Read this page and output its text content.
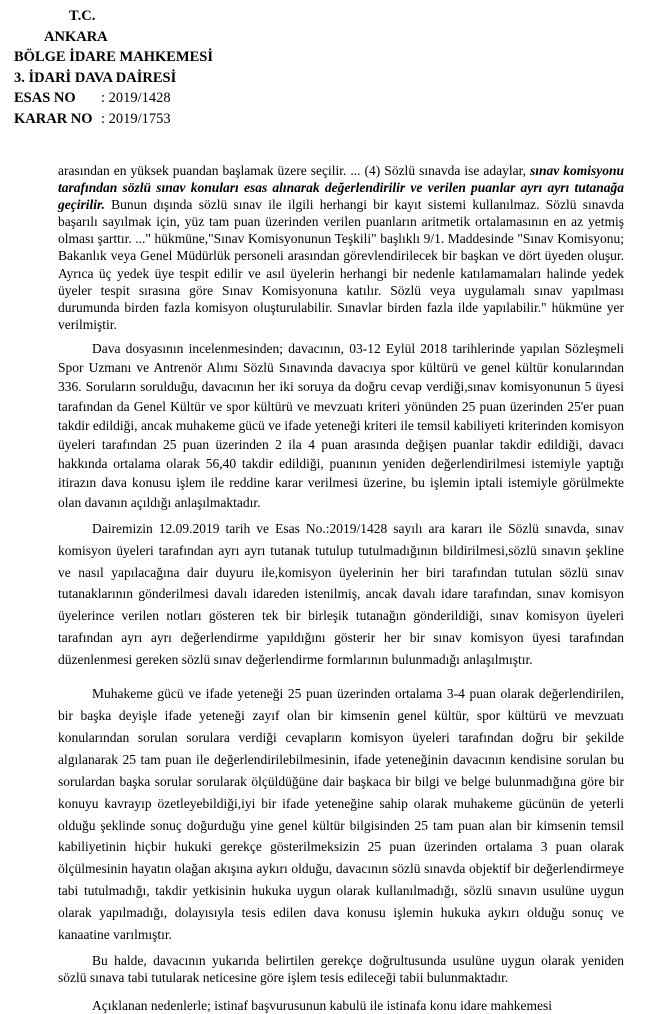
T.C.
ANKARA
BÖLGE İDARE MAHKEMESİ
3. İDARİ DAVA DAİRESİ
ESAS NO : 2019/1428
KARAR NO : 2019/1753

arasından en yüksek puandan başlamak üzere seçilir. ... (4) Sözlü sınavda ise adaylar, sınav komisyonu tarafından sözlü sınav konuları esas alınarak değerlendirilir ve verilen puanlar ayrı ayrı tutanağa geçirilir. Bunun dışında sözlü sınav ile ilgili herhangi bir kayıt sistemi kullanılmaz. Sözlü sınavda başarılı sayılmak için, yüz tam puan üzerinden verilen puanların aritmetik ortalamasının en az yetmiş olması şarttır. ..." hükmüne,"Sınav Komisyonunun Teşkili" başlıklı 9/1. Maddesinde "Sınav Komisyonu; Bakanlık veya Genel Müdürlük personeli arasından görevlendirilecek bir başkan ve dört üyeden oluşur. Ayrıca üç yedek üye tespit edilir ve asıl üyelerin herhangi bir nedenle katılamamaları halinde yedek üyeler tespit sırasına göre Sınav Komisyonuna katılır. Sözlü veya uygulamalı sınav yapılması durumunda birden fazla komisyon oluşturulabilir. Sınavlar birden fazla ilde yapılabilir." hükmüne yer verilmiştir.

Dava dosyasının incelenmesinden; davacının, 03-12 Eylül 2018 tarihlerinde yapılan Sözleşmeli Spor Uzmanı ve Antrenör Alımı Sözlü Sınavında davacıya spor kültürü ve genel kültür konularından 336. Soruların sorulduğu, davacının her iki soruya da doğru cevap verdiği,sınav komisyonunun 5 üyesi tarafından da Genel Kültür ve spor kültürü ve mevzuatı kriteri yönünden 25 puan üzerinden 25'er puan takdir edildiği, ancak muhakeme gücü ve ifade yeteneği kriteri ile temsil kabiliyeti kriterinden komisyon üyeleri tarafından 25 puan üzerinden 2 ila 4 puan arasında değişen puanlar takdir edildiği, davacı hakkında ortalama olarak 56,40 takdir edildiği, puanının yeniden değerlendirilmesi istemiyle yaptığı itirazın dava konusu işlem ile reddine karar verilmesi üzerine, bu işlemin iptali istemiyle görülmekte olan davanın açıldığı anlaşılmaktadır.

Dairemizin 12.09.2019 tarih ve Esas No.:2019/1428 sayılı ara kararı ile Sözlü sınavda, sınav komisyon üyeleri tarafından ayrı ayrı tutanak tutulup tutulmadığının bildirilmesi,sözlü sınavın şekline ve nasıl yapılacağına dair duyuru ile,komisyon üyelerinin her biri tarafından tutulan sözlü sınav tutanaklarının gönderilmesi davalı idareden istenilmiş, ancak davalı idare tarafından, sınav komisyon üyelerince verilen notları gösteren tek bir birleşik tutanağın gönderildiği, sınav komisyon üyeleri tarafından ayrı ayrı değerlendirme yapıldığını gösterir her bir sınav komisyon üyesi tarafından düzenlenmesi gereken sözlü sınav değerlendirme formlarının bulunmadığı anlaşılmıştır.

Muhakeme gücü ve ifade yeteneği 25 puan üzerinden ortalama 3-4 puan olarak değerlendirilen, bir başka deyişle ifade yeteneği zayıf olan bir kimsenin genel kültür, spor kültürü ve mevzuatı konularından sorulan sorulara verdiği cevapların komisyon üyeleri tarafından doğru bir şekilde algılanarak 25 tam puan ile değerlendirilebilmesinin, ifade yeteneğinin davacının kendisine sorulan bu sorulardan başka sorular sorularak ölçüldüğüne dair başkaca bir bilgi ve belge bulunmadığına göre bir konuyu kavrayıp özetleyebildiği,iyi bir ifade yeteneğine sahip olarak muhakeme gücünün de yeterli olduğu şeklinde sonuç doğurduğu yine genel kültür bilgisinden 25 tam puan alan bir kimsenin temsil kabiliyetinin hiçbir hukuki gerekçe gösterilmeksizin 25 puan üzerinden ortalama 3 puan olarak ölçülmesinin hayatın olağan akışına aykırı olduğu, davacının sözlü sınavda objektif bir değerlendirmeye tabi tutulmadığı, takdir yetkisinin hukuka uygun olarak kullanılmadığı, sözlü sınavın usulüne uygun olarak yapılmadığı, dolayısıyla tesis edilen dava konusu işlemin hukuka aykırı olduğu sonuç ve kanaatine varılmıştır.

Bu halde, davacının yukarıda belirtilen gerekçe doğrultusunda usulüne uygun olarak yeniden sözlü sınava tabi tutularak neticesine göre işlem tesis edileceği tabii bulunmaktadır.

Açıklanan nedenlerle; istinaf başvurusunun kabulü ile istinafa konu idare mahkemesi
